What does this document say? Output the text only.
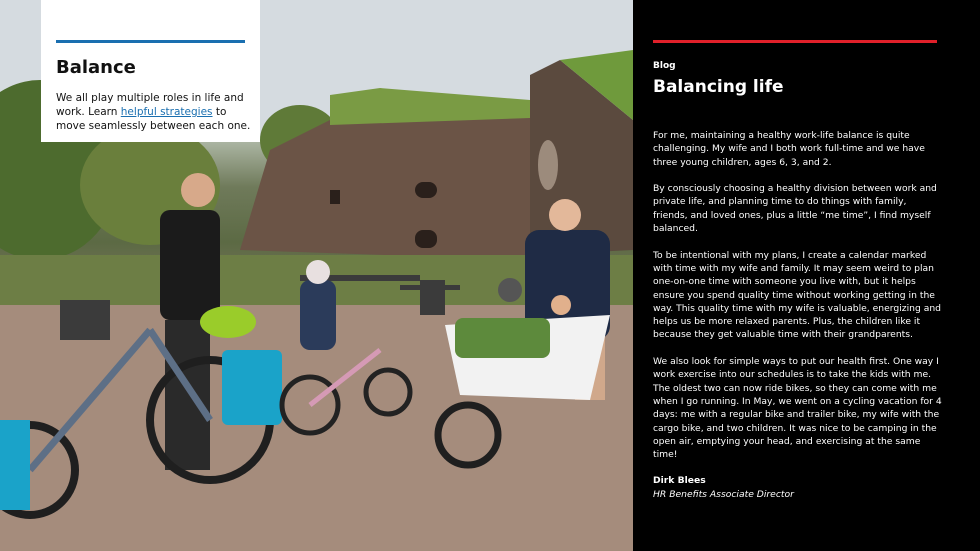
Balance

We all play multiple roles in life and work. Learn helpful strategies to move seamlessly between each one.

Blog
Balancing life

For me, maintaining a healthy work-life balance is quite challenging. My wife and I both work full-time and we have three young children, ages 6, 3, and 2.

By consciously choosing a healthy division between work and private life, and planning time to do things with family, friends, and loved ones, plus a little “me time”, I find myself balanced.

To be intentional with my plans, I create a calendar marked with time with my wife and family. It may seem weird to plan one-on-one time with someone you live with, but it helps ensure you spend quality time without working getting in the way. This quality time with my wife is valuable, energizing and helps us be more relaxed parents. Plus, the children like it because they get valuable time with their grandparents.

We also look for simple ways to put our health first. One way I work exercise into our schedules is to take the kids with me. The oldest two can now ride bikes, so they can come with me when I go running. In May, we went on a cycling vacation for 4 days: me with a regular bike and trailer bike, my wife with the cargo bike, and two children. It was nice to be camping in the open air, emptying your head, and exercising at the same time!

Dirk Blees
HR Benefits Associate Director
